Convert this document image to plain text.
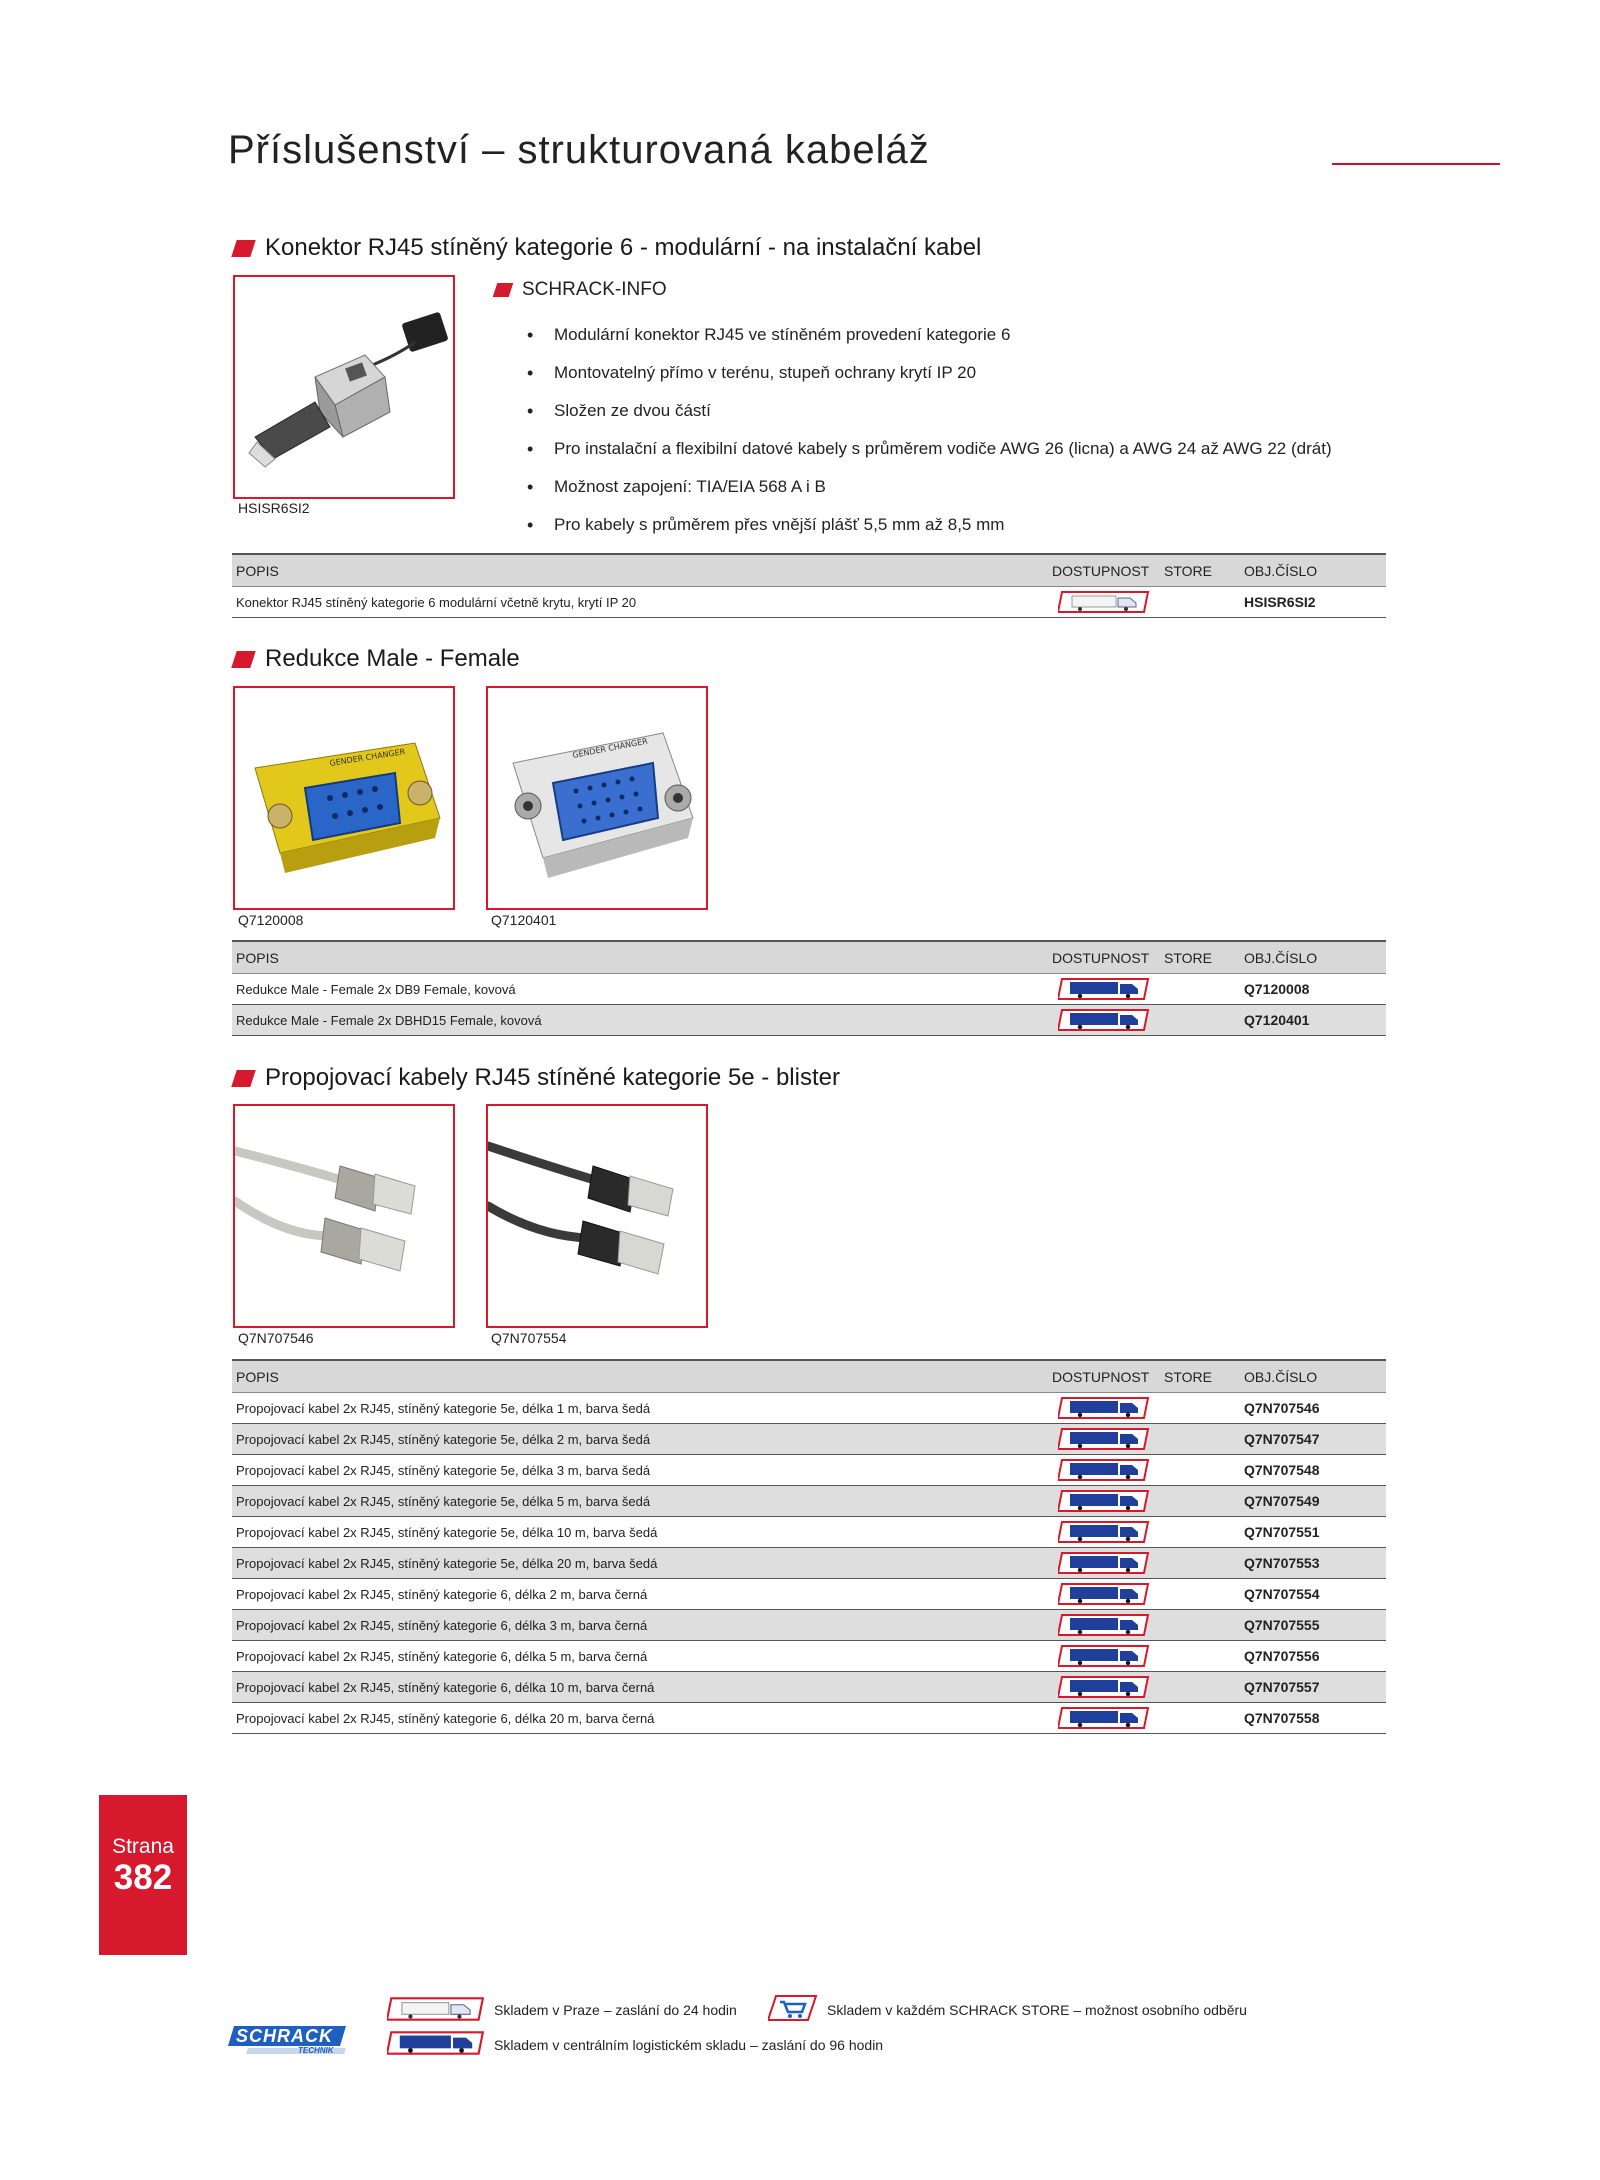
Příslušenství – strukturovaná kabeláž
Konektor RJ45 stíněný kategorie 6 - modulární - na instalační kabel
HSISR6SI2
SCHRACK-INFO
• Modulární konektor RJ45 ve stíněném provedení kategorie 6
• Montovatelný přímo v terénu, stupeň ochrany krytí IP 20
• Složen ze dvou částí
• Pro instalační a flexibilní datové kabely s průměrem vodiče AWG 26 (licna) a AWG 24 až AWG 22 (drát)
• Možnost zapojení: TIA/EIA 568 A i B
• Pro kabely s průměrem přes vnější plášť 5,5 mm až 8,5 mm
POPIS	DOSTUPNOST	STORE	OBJ.ČÍSLO
Konektor RJ45 stíněný kategorie 6 modulární včetně krytu, krytí IP 20			HSISR6SI2
Redukce Male - Female
GENDER CHANGER	GENDER CHANGER
Q7120008	Q7120401
POPIS	DOSTUPNOST	STORE	OBJ.ČÍSLO
Redukce Male - Female 2x DB9 Female, kovová			Q7120008
Redukce Male - Female 2x DBHD15 Female, kovová			Q7120401
Propojovací kabely RJ45 stíněné kategorie 5e - blister
Q7N707546	Q7N707554
POPIS	DOSTUPNOST	STORE	OBJ.ČÍSLO
Propojovací kabel 2x RJ45, stíněný kategorie 5e, délka 1 m, barva šedá			Q7N707546
Propojovací kabel 2x RJ45, stíněný kategorie 5e, délka 2 m, barva šedá			Q7N707547
Propojovací kabel 2x RJ45, stíněný kategorie 5e, délka 3 m, barva šedá			Q7N707548
Propojovací kabel 2x RJ45, stíněný kategorie 5e, délka 5 m, barva šedá			Q7N707549
Propojovací kabel 2x RJ45, stíněný kategorie 5e, délka 10 m, barva šedá			Q7N707551
Propojovací kabel 2x RJ45, stíněný kategorie 5e, délka 20 m, barva šedá			Q7N707553
Propojovací kabel 2x RJ45, stíněný kategorie 6, délka 2 m, barva černá			Q7N707554
Propojovací kabel 2x RJ45, stíněný kategorie 6, délka 3 m, barva černá			Q7N707555
Propojovací kabel 2x RJ45, stíněný kategorie 6, délka 5 m, barva černá			Q7N707556
Propojovací kabel 2x RJ45, stíněný kategorie 6, délka 10 m, barva černá			Q7N707557
Propojovací kabel 2x RJ45, stíněný kategorie 6, délka 20 m, barva černá			Q7N707558
Strana
382
SCHRACK
TECHNIK
Skladem v Praze – zaslání do 24 hodin	Skladem v každém SCHRACK STORE – možnost osobního odběru
Skladem v centrálním logistickém skladu – zaslání do 96 hodin
